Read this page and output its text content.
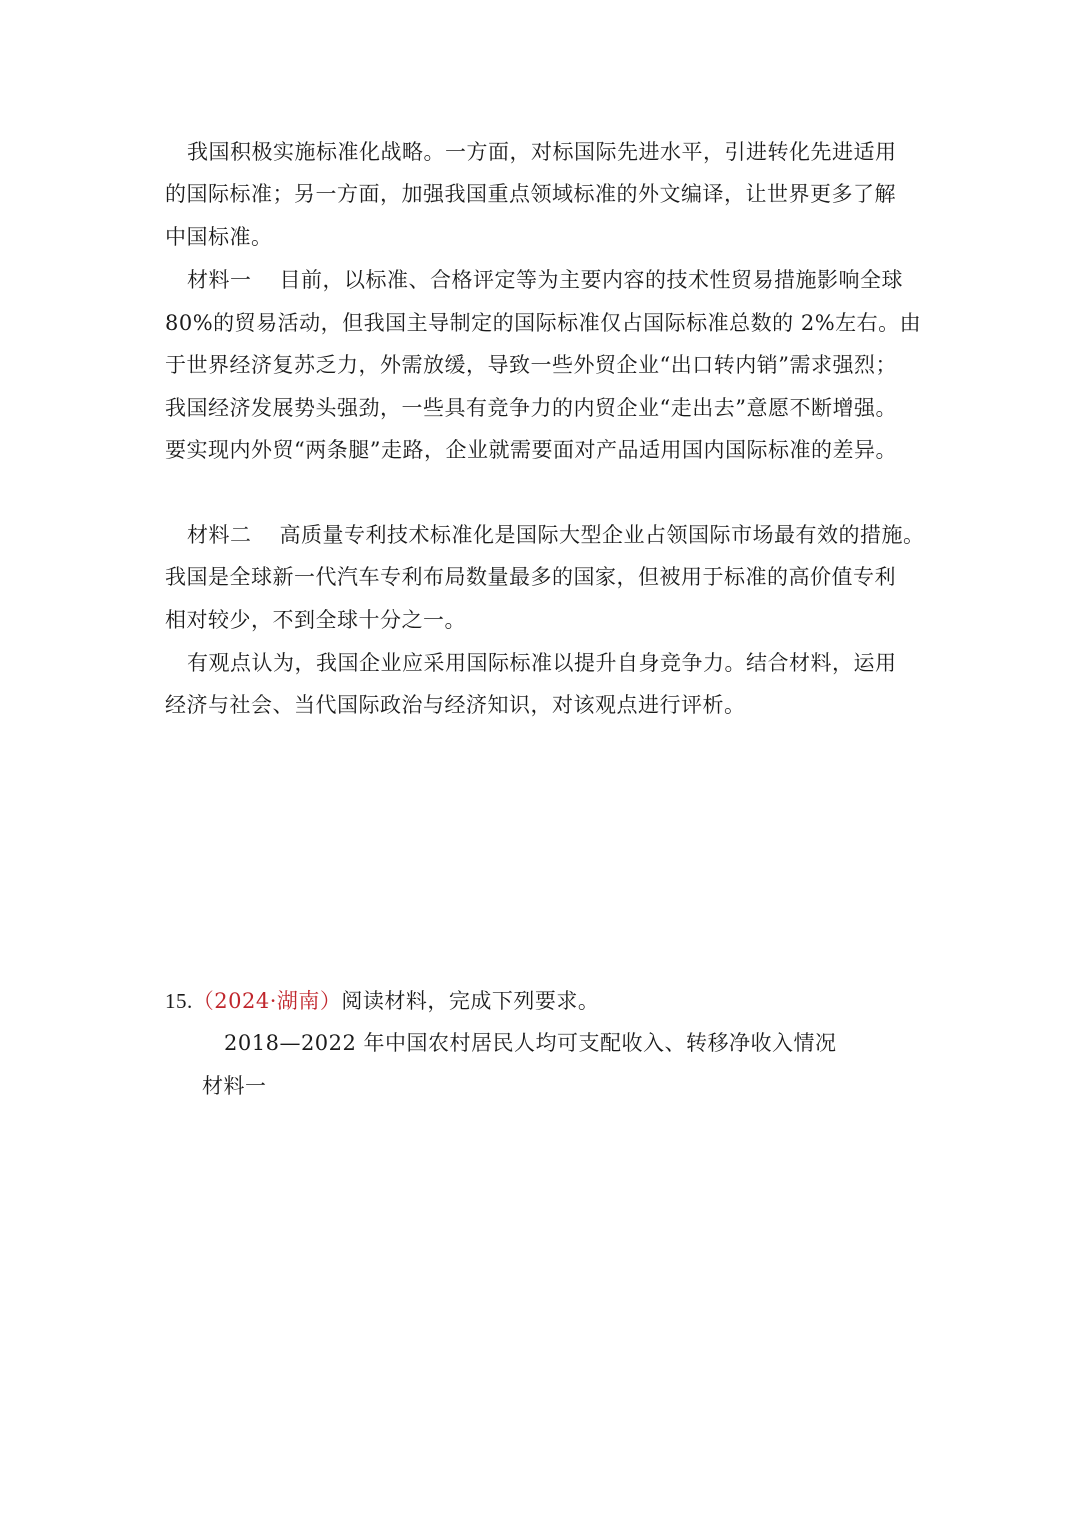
我国积极实施标准化战略。一方面，对标国际先进水平，引进转化先进适用
的国际标准；另一方面，加强我国重点领域标准的外文编译，让世界更多了解
中国标准。
材料一 目前，以标准、合格评定等为主要内容的技术性贸易措施影响全球
80%的贸易活动，但我国主导制定的国际标准仅占国际标准总数的 2%左右。由
于世界经济复苏乏力，外需放缓，导致一些外贸企业“出口转内销”需求强烈；
我国经济发展势头强劲，一些具有竞争力的内贸企业“走出去”意愿不断增强。
要实现内外贸“两条腿”走路，企业就需要面对产品适用国内国际标准的差异。
材料二 高质量专利技术标准化是国际大型企业占领国际市场最有效的措施。
我国是全球新一代汽车专利布局数量最多的国家，但被用于标准的高价值专利
相对较少，不到全球十分之一。
有观点认为，我国企业应采用国际标准以提升自身竞争力。结合材料，运用
经济与社会、当代国际政治与经济知识，对该观点进行评析。
15.（2024·湖南）阅读材料，完成下列要求。
2018—2022 年中国农村居民人均可支配收入、转移净收入情况
材料一
